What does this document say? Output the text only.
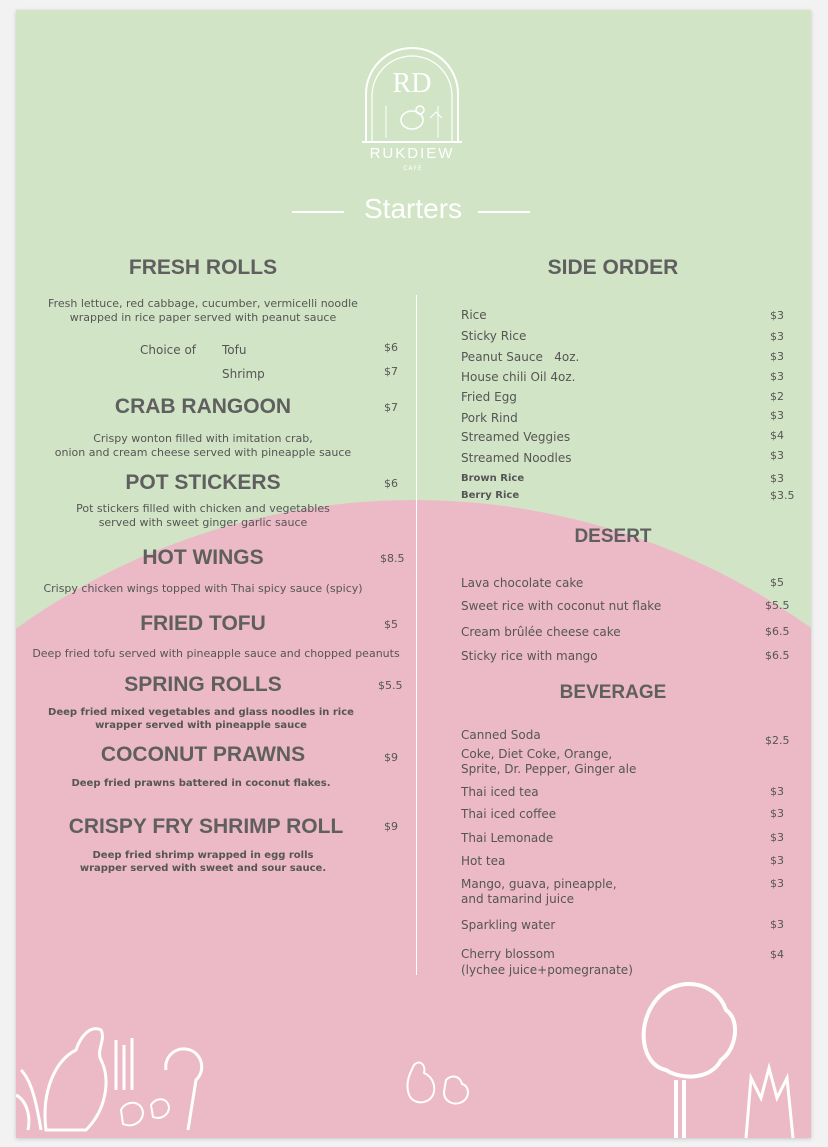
RD
RUKDIEW
CAFE
Starters
FRESH ROLLS
Fresh lettuce, red cabbage, cucumber, vermicelli noodle
wrapped in rice paper served with peanut sauce
Choice of Tofu	$6
Shrimp	$7
CRAB RANGOON	$7
Crispy wonton filled with imitation crab,
onion and cream cheese served with pineapple sauce
POT STICKERS	$6
Pot stickers filled with chicken and vegetables
served with sweet ginger garlic sauce
HOT WINGS	$8.5
Crispy chicken wings topped with Thai spicy sauce (spicy)
FRIED TOFU	$5
Deep fried tofu served with pineapple sauce and chopped peanuts
SPRING ROLLS	$5.5
Deep fried mixed vegetables and glass noodles in rice
wrapper served with pineapple sauce
COCONUT PRAWNS	$9
Deep fried prawns battered in coconut flakes.
CRISPY FRY SHRIMP ROLL	$9
Deep fried shrimp wrapped in egg rolls
wrapper served with sweet and sour sauce.
SIDE ORDER
Rice	$3
Sticky Rice	$3
Peanut Sauce   4oz.	$3
House chili Oil 4oz.	$3
Fried Egg	$2
Pork Rind	$3
Streamed Veggies	$4
Streamed Noodles	$3
Brown Rice	$3
Berry Rice	$3.5
DESERT
Lava chocolate cake	$5
Sweet rice with coconut nut flake	$5.5
Cream brûlée cheese cake	$6.5
Sticky rice with mango	$6.5
BEVERAGE
Canned Soda
Coke, Diet Coke, Orange,
Sprite, Dr. Pepper, Ginger ale
$2.5
Thai iced tea	$3
Thai iced coffee	$3
Thai Lemonade	$3
Hot tea	$3
Mango, guava, pineapple,
and tamarind juice
$3
Sparkling water	$3
Cherry blossom
(lychee juice+pomegranate)
$4
